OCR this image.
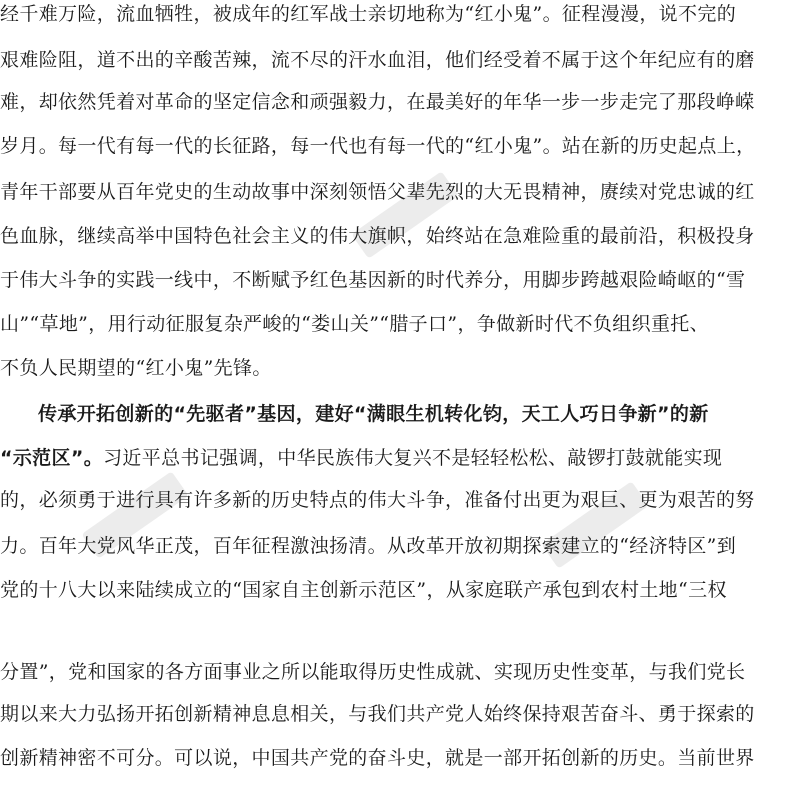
经千难万险，流血牺牲，被成年的红军战士亲切地称为“红小鬼”。征程漫漫，说不完的
艰难险阻，道不出的辛酸苦辣，流不尽的汗水血泪，他们经受着不属于这个年纪应有的磨
难，却依然凭着对革命的坚定信念和顽强毅力，在最美好的年华一步一步走完了那段峥嵘
岁月。每一代有每一代的长征路，每一代也有每一代的“红小鬼”。站在新的历史起点上，
青年干部要从百年党史的生动故事中深刻领悟父辈先烈的大无畏精神，赓续对党忠诚的红
色血脉，继续高举中国特色社会主义的伟大旗帜，始终站在急难险重的最前沿，积极投身
于伟大斗争的实践一线中，不断赋予红色基因新的时代养分，用脚步跨越艰险崎岖的“雪
山”“草地”，用行动征服复杂严峻的“娄山关”“腊子口”，争做新时代不负组织重托、
不负人民期望的“红小鬼”先锋。
传承开拓创新的“先驱者”基因，建好“满眼生机转化钧，天工人巧日争新”的新
“示范区”。习近平总书记强调，中华民族伟大复兴不是轻轻松松、敲锣打鼓就能实现
的，必须勇于进行具有许多新的历史特点的伟大斗争，准备付出更为艰巨、更为艰苦的努
力。百年大党风华正茂，百年征程激浊扬清。从改革开放初期探索建立的“经济特区”到
党的十八大以来陆续成立的“国家自主创新示范区”，从家庭联产承包到农村土地“三权
分置”，党和国家的各方面事业之所以能取得历史性成就、实现历史性变革，与我们党长
期以来大力弘扬开拓创新精神息息相关，与我们共产党人始终保持艰苦奋斗、勇于探索的
创新精神密不可分。可以说，中国共产党的奋斗史，就是一部开拓创新的历史。当前世界
